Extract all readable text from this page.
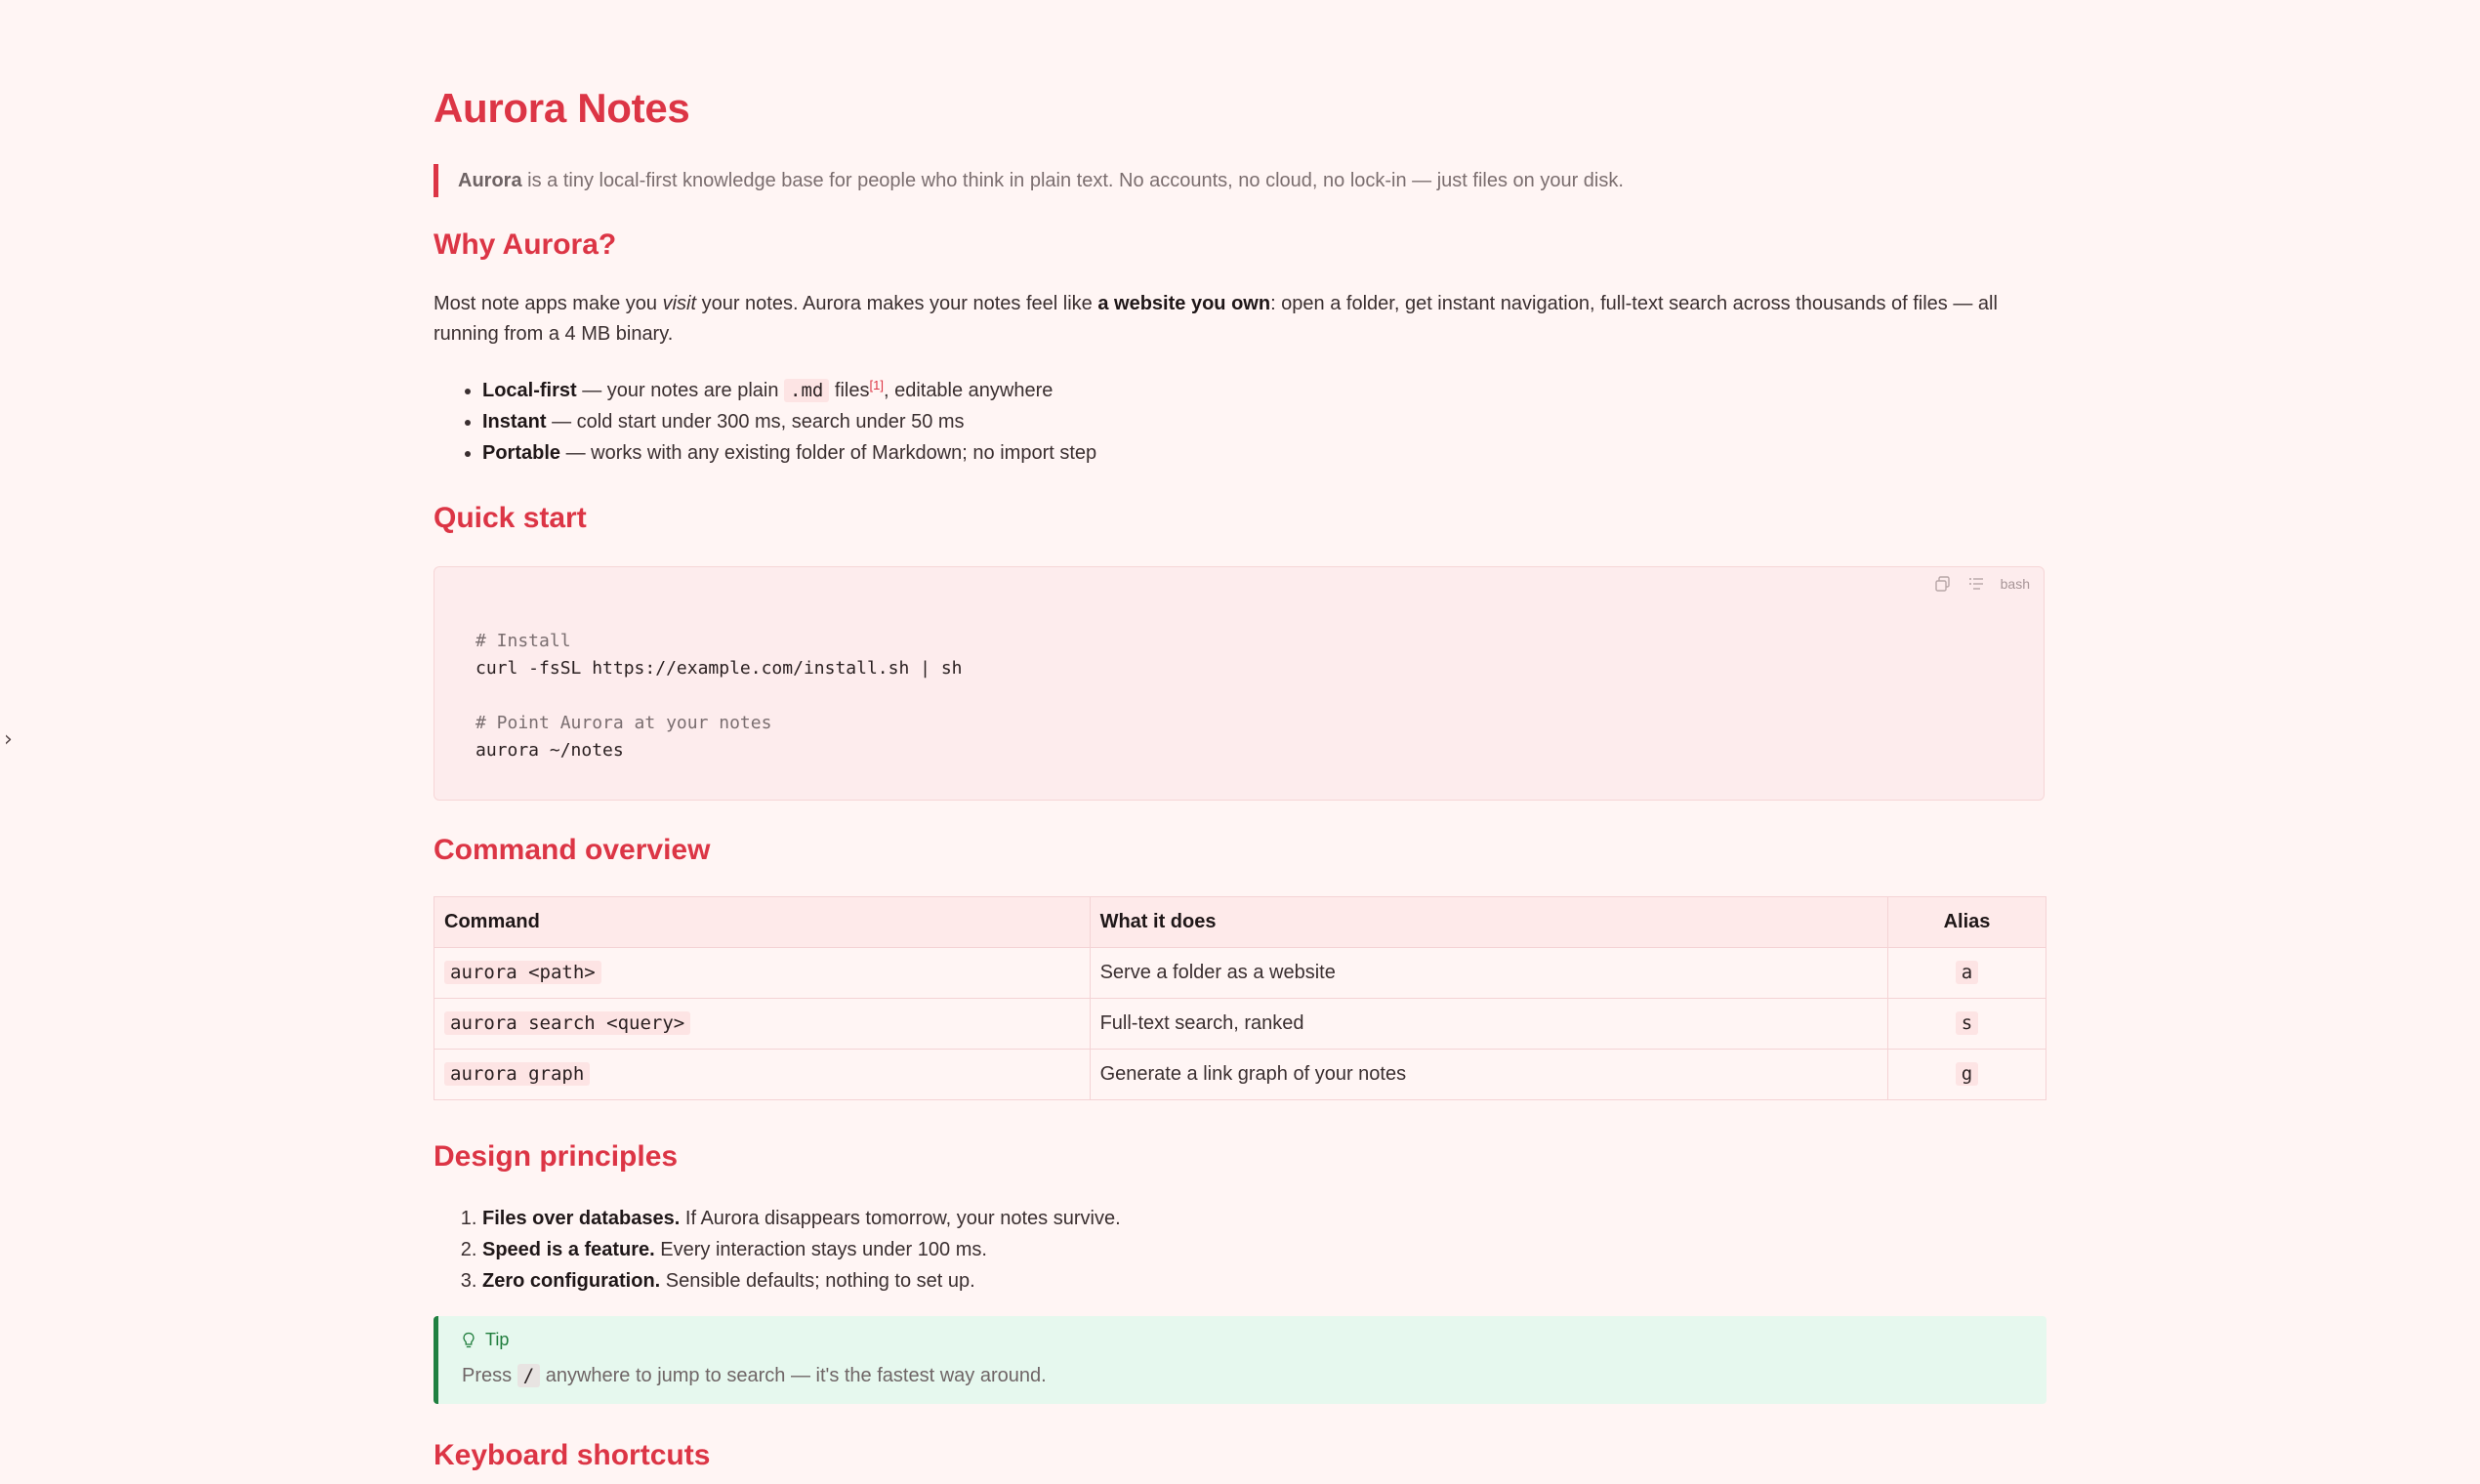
›
Aurora Notes
Aurora is a tiny local-first knowledge base for people who think in plain text. No accounts, no cloud, no lock-in — just files on your disk.
Why Aurora?

Most note apps make you visit your notes. Aurora makes your notes feel like a website you own: open a folder, get instant navigation, full-text search across thousands of files — all running from a 4 MB binary.

• Local-first — your notes are plain .md files[1], editable anywhere
• Instant — cold start under 300 ms, search under 50 ms
• Portable — works with any existing folder of Markdown; no import step
Quick start
bash
# Install
curl -fsSL https://example.com/install.sh | sh

# Point Aurora at your notes
aurora ~/notes
Command overview
Command	What it does	Alias
aurora <path>	Serve a folder as a website	a
aurora search <query>	Full-text search, ranked	s
aurora graph	Generate a link graph of your notes	g
Design principles
1. Files over databases. If Aurora disappears tomorrow, your notes survive.
2. Speed is a feature. Every interaction stays under 100 ms.
3. Zero configuration. Sensible defaults; nothing to set up.
Tip
Press / anywhere to jump to search — it's the fastest way around.
Keyboard shortcuts
